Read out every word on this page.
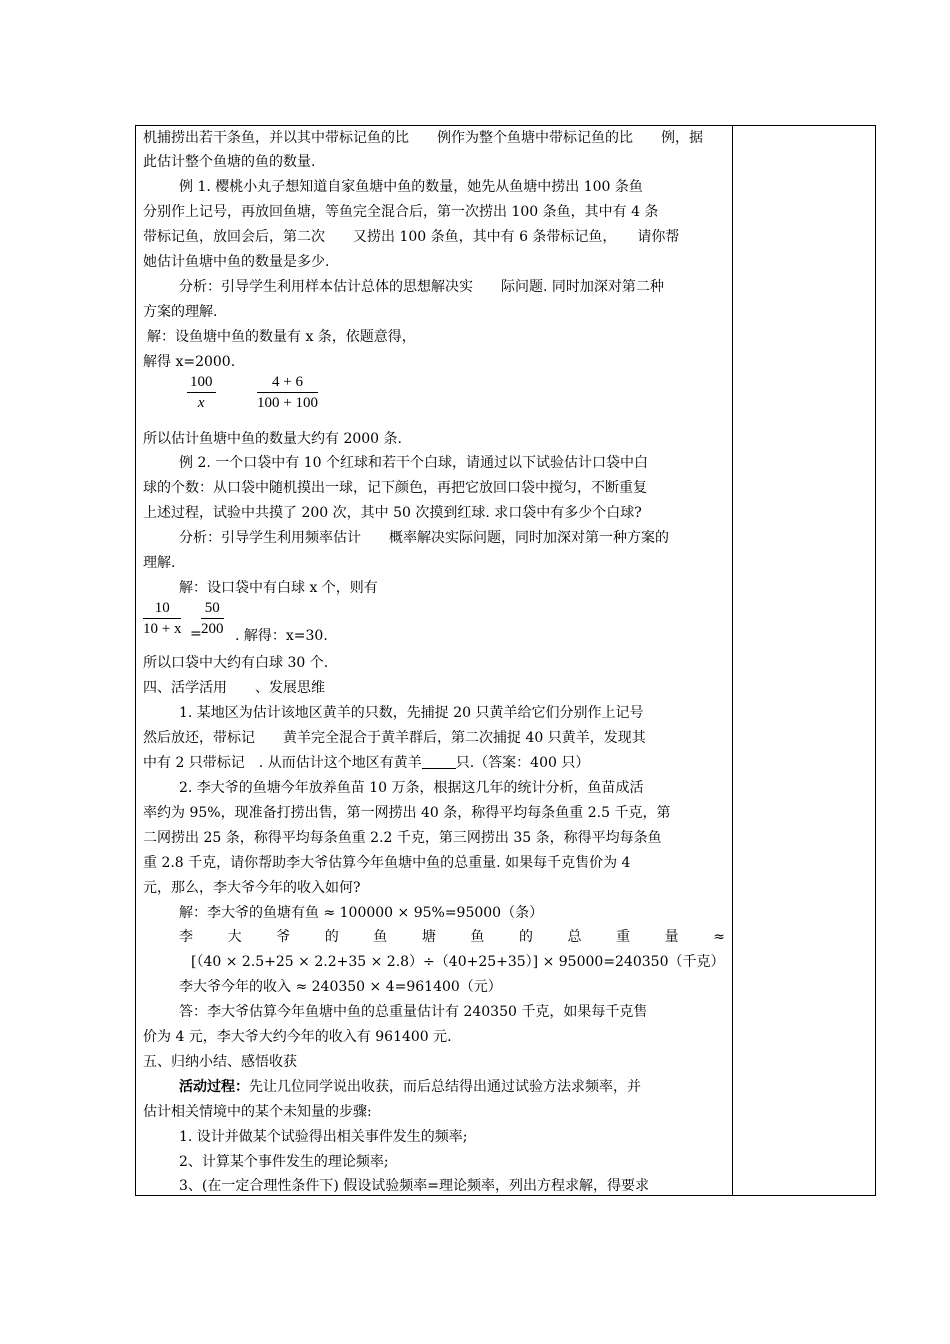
机捕捞出若干条鱼，并以其中带标记鱼的比　　例作为整个鱼塘中带标记鱼的比　　例，据
此估计整个鱼塘的鱼的数量.
例 1. 樱桃小丸子想知道自家鱼塘中鱼的数量，她先从鱼塘中捞出 100 条鱼
分别作上记号，再放回鱼塘，等鱼完全混合后，第一次捞出 100 条鱼，其中有 4 条
带标记鱼，放回会后，第二次　　又捞出 100 条鱼，其中有 6 条带标记鱼，　　请你帮
她估计鱼塘中鱼的数量是多少.
分析：引导学生利用样本估计总体的思想解决实　　际问题. 同时加深对第二种
方案的理解.
解：设鱼塘中鱼的数量有 x 条，依题意得，
解得 x=2000.
$\frac{100}{x}$	$\frac{4 + 6}{100 + 100}$
所以估计鱼塘中鱼的数量大约有 2000 条.
例 2. 一个口袋中有 10 个红球和若干个白球，请通过以下试验估计口袋中白
球的个数：从口袋中随机摸出一球，记下颜色，再把它放回口袋中搅匀，不断重复
上述过程，试验中共摸了 200 次，其中 50 次摸到红球. 求口袋中有多少个白球?
分析：引导学生利用频率估计　　概率解决实际问题，同时加深对第一种方案的
理解.
解：设口袋中有白球 x 个，则有
$\frac{10}{10 + x} = \frac{50}{200}$ . 解得：x=30.
所以口袋中大约有白球 30 个.
四、活学活用　　、发展思维
1. 某地区为估计该地区黄羊的只数，先捕捉 20 只黄羊给它们分别作上记号
然后放还，带标记　　黄羊完全混合于黄羊群后，第二次捕捉 40 只黄羊，发现其
中有 2 只带标记　. 从而估计这个地区有黄羊 只.（答案：400 只）
2. 李大爷的鱼塘今年放养鱼苗 10 万条，根据这几年的统计分析，鱼苗成活
率约为 95%，现准备打捞出售，第一网捞出 40 条，称得平均每条鱼重 2.5 千克，第
二网捞出 25 条，称得平均每条鱼重 2.2 千克，第三网捞出 35 条，称得平均每条鱼
重 2.8 千克，请你帮助李大爷估算今年鱼塘中鱼的总重量. 如果每千克售价为 4
元，那么，李大爷今年的收入如何?
解：李大爷的鱼塘有鱼 ≈ 100000 × 95%=95000（条）
李 大 爷 的 鱼 塘 鱼 的 总 重 量 ≈
[（40 × 2.5+25 × 2.2+35 × 2.8）÷（40+25+35）] × 95000=240350（千克）
李大爷今年的收入 ≈ 240350 × 4=961400（元）
答：李大爷估算今年鱼塘中鱼的总重量估计有 240350 千克，如果每千克售
价为 4 元，李大爷大约今年的收入有 961400 元.
五、归纳小结、感悟收获
活动过程：先让几位同学说出收获，而后总结得出通过试验方法求频率，并
估计相关情境中的某个未知量的步骤:
1. 设计并做某个试验得出相关事件发生的频率;
2、计算某个事件发生的理论频率;
3、(在一定合理性条件下) 假设试验频率=理论频率，列出方程求解，得要求
